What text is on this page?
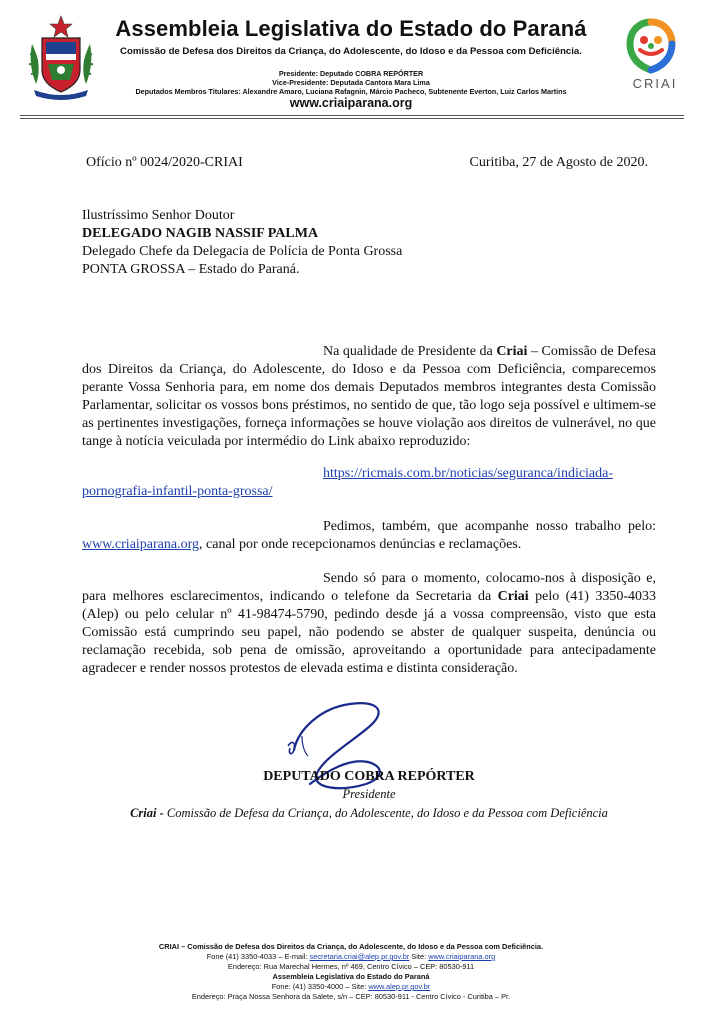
Assembleia Legislativa do Estado do Paraná
Comissão de Defesa dos Direitos da Criança, do Adolescente, do Idoso e da Pessoa com Deficiência.
Presidente: Deputado COBRA REPÓRTER
Vice-Presidente: Deputada Cantora Mara Lima
Deputados Membros Titulares: Alexandre Amaro, Luciana Rafagnin, Márcio Pacheco, Subtenente Everton, Luiz Carlos Martins
www.criaiparana.org
CRIAI
Ofício nº 0024/2020-CRIAI	Curitiba, 27 de Agosto de 2020.
Ilustríssimo Senhor Doutor
DELEGADO NAGIB NASSIF PALMA
Delegado Chefe da Delegacia de Polícia de Ponta Grossa
PONTA GROSSA – Estado do Paraná.
Na qualidade de Presidente da Criai – Comissão de Defesa dos Direitos da Criança, do Adolescente, do Idoso e da Pessoa com Deficiência, comparecemos perante Vossa Senhoria para, em nome dos demais Deputados membros integrantes desta Comissão Parlamentar, solicitar os vossos bons préstimos, no sentido de que, tão logo seja possível e ultimem-se as pertinentes investigações, forneça informações se houve violação aos direitos de vulnerável, no que tange à notícia veiculada por intermédio do Link abaixo reproduzido:
https://ricmais.com.br/noticias/seguranca/indiciada-
pornografia-infantil-ponta-grossa/
Pedimos, também, que acompanhe nosso trabalho pelo: www.criaiparana.org, canal por onde recepcionamos denúncias e reclamações.
Sendo só para o momento, colocamo-nos à disposição e, para melhores esclarecimentos, indicando o telefone da Secretaria da Criai pelo (41) 3350-4033 (Alep) ou pelo celular nº 41-98474-5790, pedindo desde já a vossa compreensão, visto que esta Comissão está cumprindo seu papel, não podendo se abster de qualquer suspeita, denúncia ou reclamação recebida, sob pena de omissão, aproveitando a oportunidade para antecipadamente agradecer e render nossos protestos de elevada estima e distinta consideração.
DEPUTADO COBRA REPÓRTER
Presidente
Criai - Comissão de Defesa da Criança, do Adolescente, do Idoso e da Pessoa com Deficiência
CRIAI – Comissão de Defesa dos Direitos da Criança, do Adolescente, do Idoso e da Pessoa com Deficiência.
Fone (41) 3350-4033 – E-mail: secretaria.criai@alep.pr.gov.br Site: www.criaiparana.org
Endereço: Rua Marechal Hermes, nº 469, Centro Cívico – CEP: 80530-911
Assembleia Legislativa do Estado do Paraná
Fone: (41) 3350-4000 – Site: www.alep.pr.gov.br
Endereço: Praça Nossa Senhora da Salete, s/n – CEP: 80530-911 - Centro Cívico - Curitiba – Pr.
